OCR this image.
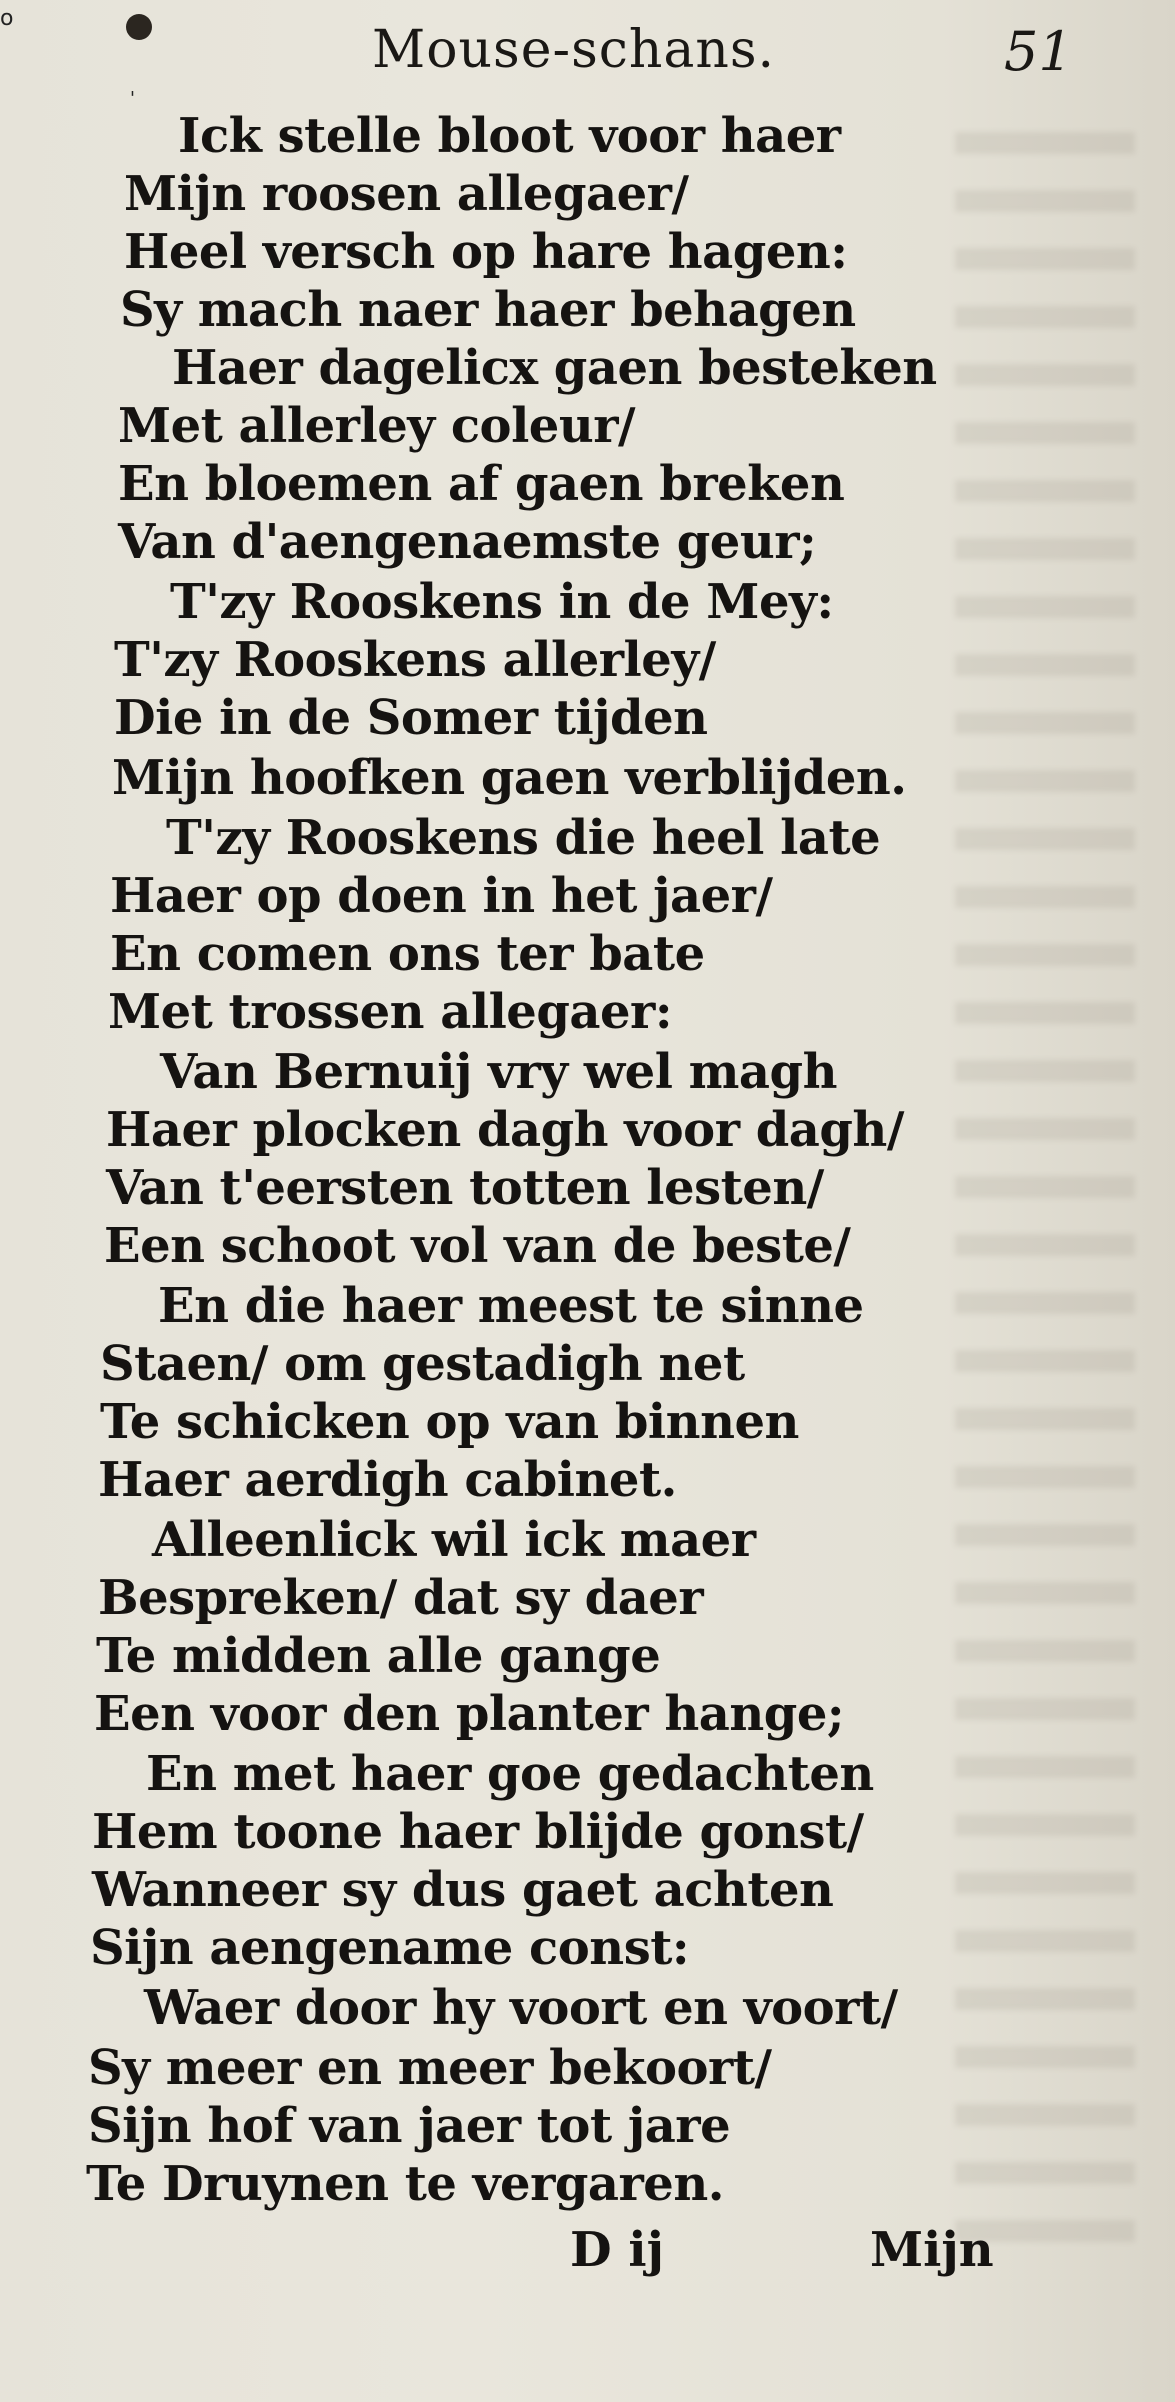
o
'
Mouse-schans.	51
Ick stelle bloot voor haer
Mijn roosen allegaer/
Heel versch op hare hagen:
Sy mach naer haer behagen
Haer dagelicx gaen besteken
Met allerley coleur/
En bloemen af gaen breken
Van d'aengenaemste geur;
T'zy Rooskens in de Mey:
T'zy Rooskens allerley/
Die in de Somer tijden
Mijn hoofken gaen verblijden.
T'zy Rooskens die heel late
Haer op doen in het jaer/
En comen ons ter bate
Met trossen allegaer:
Van Bernuij vry wel magh
Haer plocken dagh voor dagh/
Van t'eersten totten lesten/
Een schoot vol van de beste/
En die haer meest te sinne
Staen/ om gestadigh net
Te schicken op van binnen
Haer aerdigh cabinet.
Alleenlick wil ick maer
Bespreken/ dat sy daer
Te midden alle gange
Een voor den planter hange;
En met haer goe gedachten
Hem toone haer blijde gonst/
Wanneer sy dus gaet achten
Sijn aengename const:
Waer door hy voort en voort/
Sy meer en meer bekoort/
Sijn hof van jaer tot jare
Te Druynen te vergaren.
D ij	Mijn
